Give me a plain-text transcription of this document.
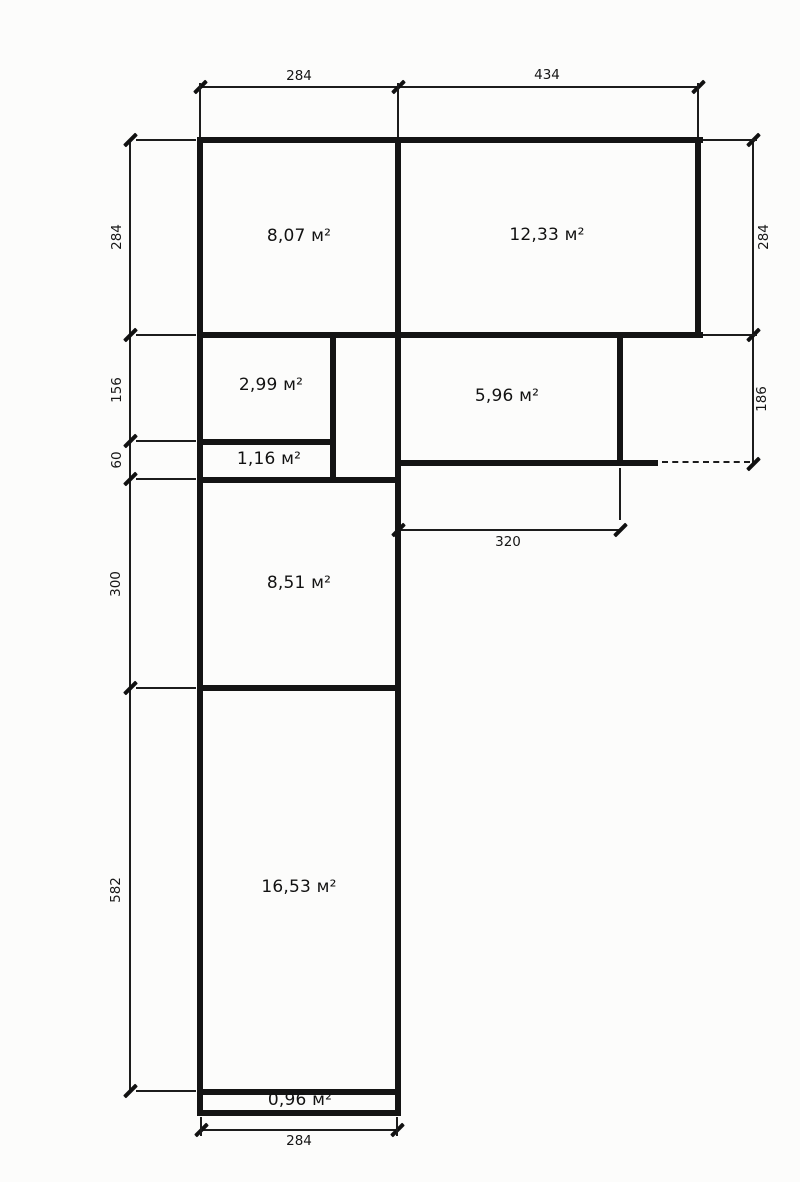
8,07 м²	12,33 м²
2,99 м²
5,96 м²
1,16 м²
8,51 м²
16,53 м²
0,96 м²
284	434
284
156
60
300
582
284
186
320
284
